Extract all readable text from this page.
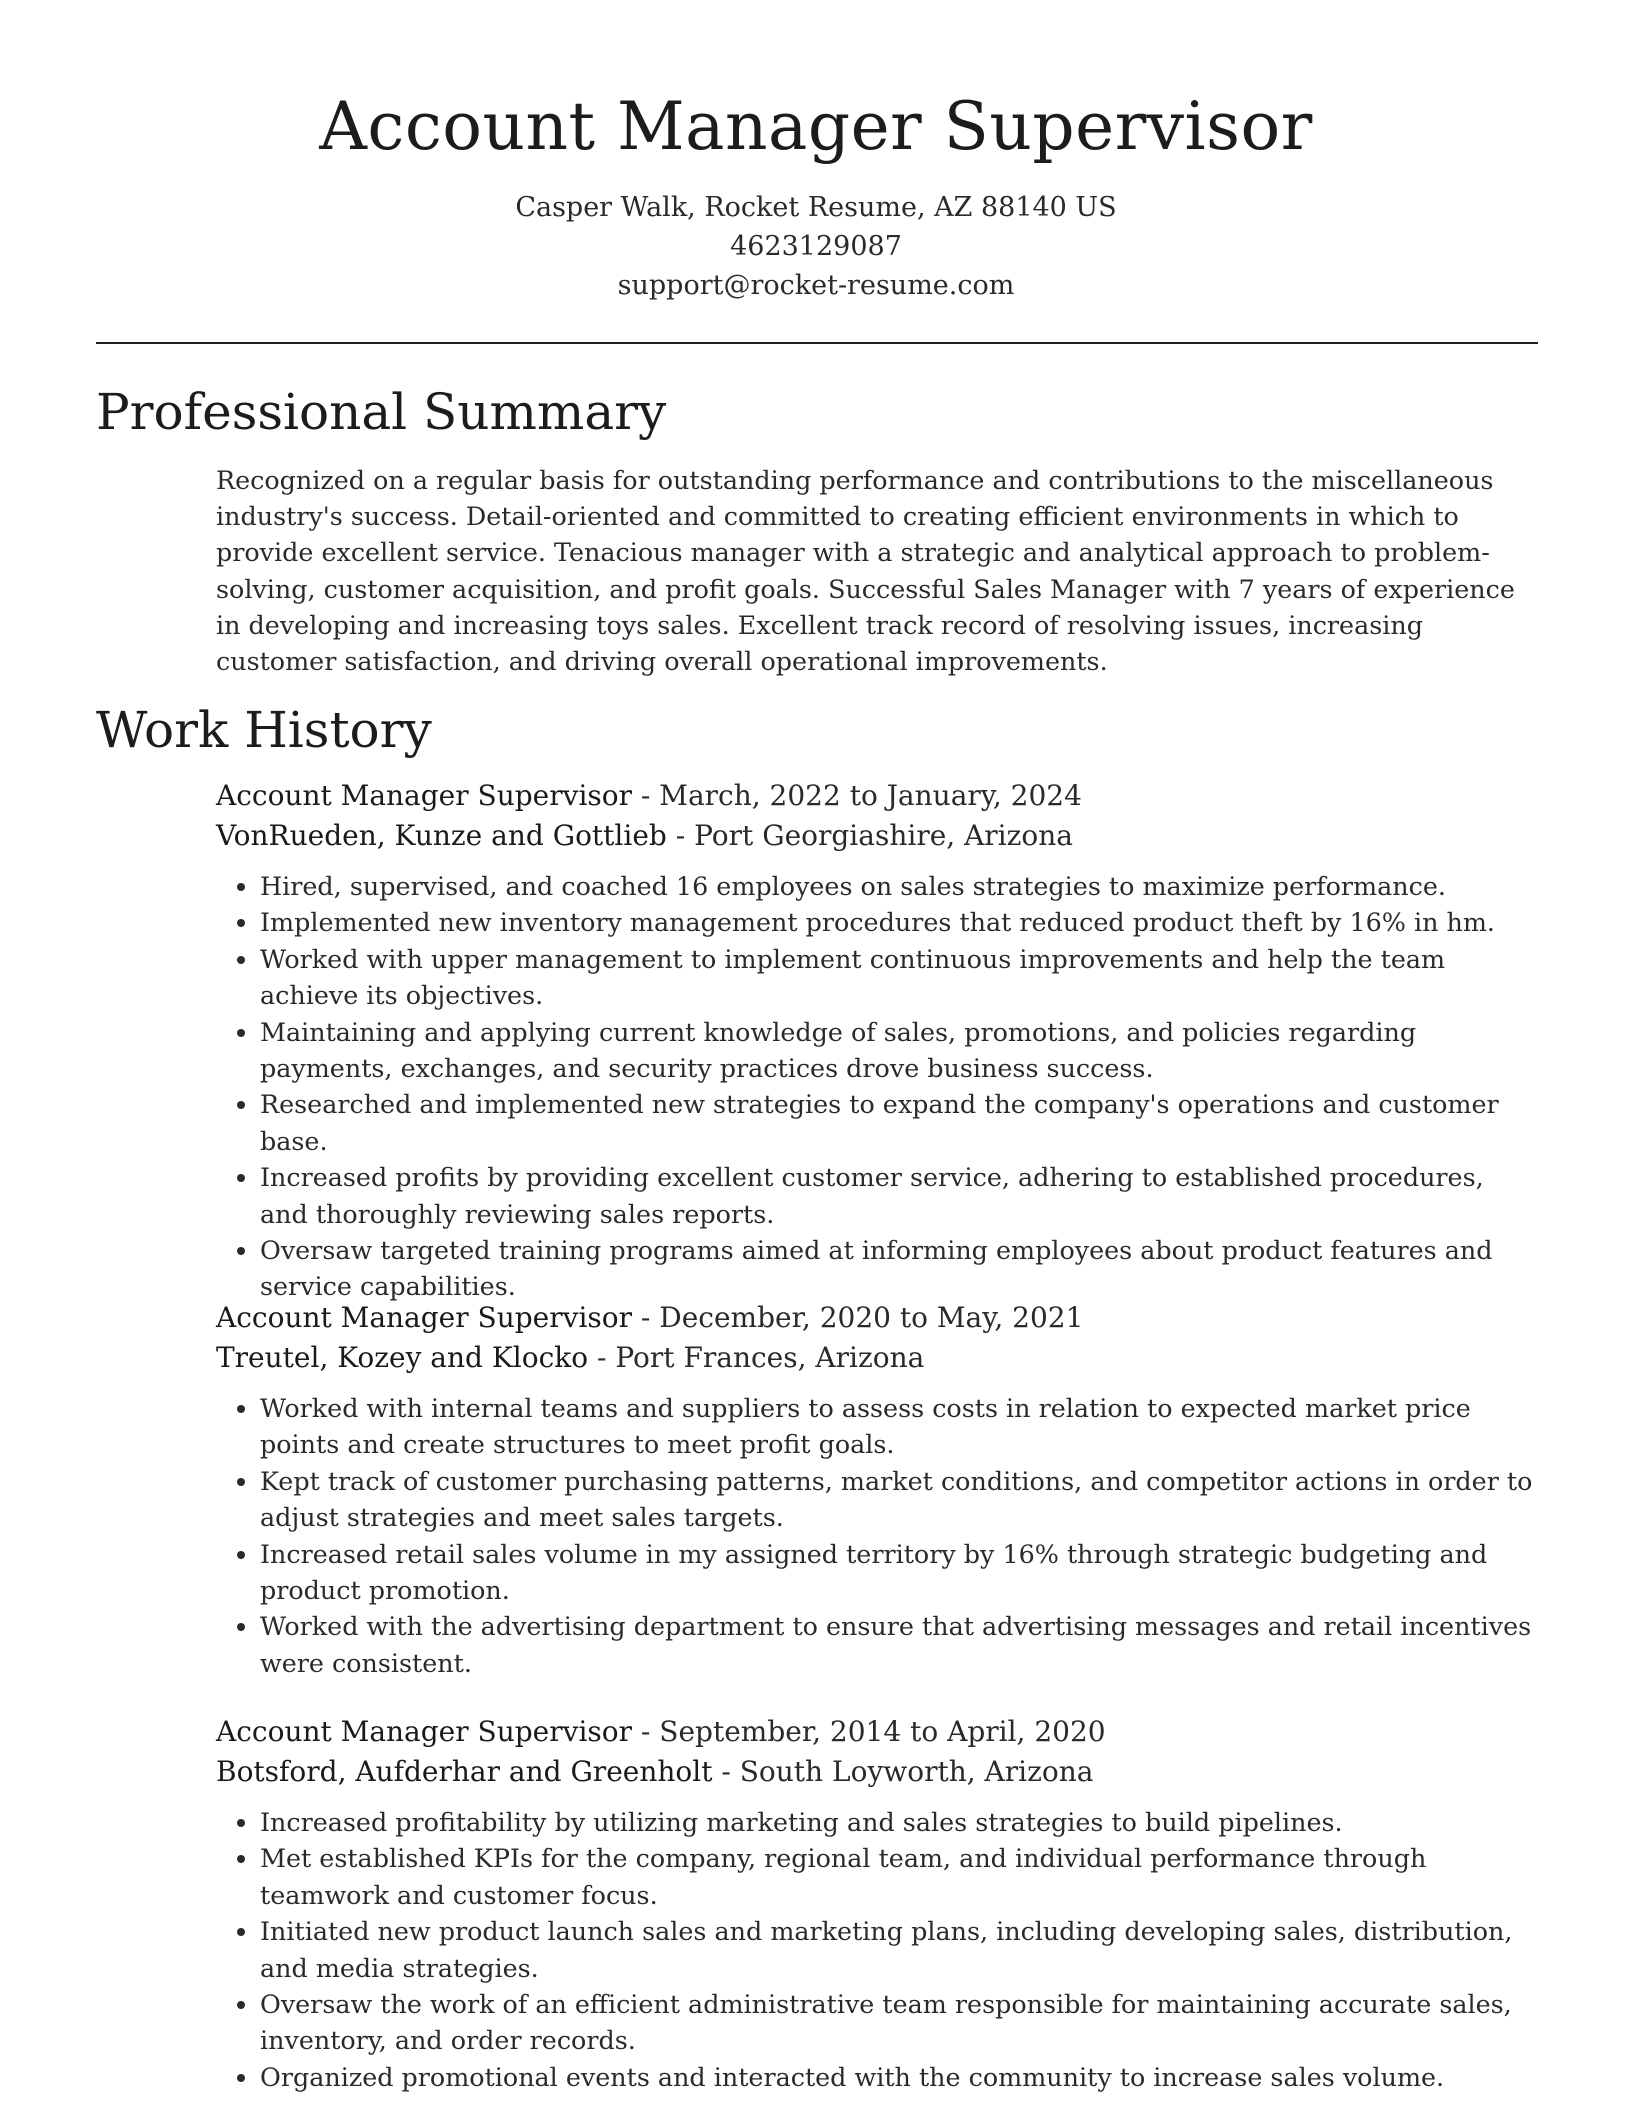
Account Manager Supervisor
Casper Walk, Rocket Resume, AZ 88140 US
4623129087
support@rocket-resume.com
Professional Summary

Recognized on a regular basis for outstanding performance and contributions to the miscellaneous industry's success. Detail-oriented and committed to creating efficient environments in which to provide excellent service. Tenacious manager with a strategic and analytical approach to problem-solving, customer acquisition, and profit goals. Successful Sales Manager with 7 years of experience in developing and increasing toys sales. Excellent track record of resolving issues, increasing customer satisfaction, and driving overall operational improvements.

Work History
Account Manager Supervisor - March, 2022 to January, 2024
VonRueden, Kunze and Gottlieb - Port Georgiashire, Arizona
• Hired, supervised, and coached 16 employees on sales strategies to maximize performance.
• Implemented new inventory management procedures that reduced product theft by 16% in hm.
• Worked with upper management to implement continuous improvements and help the team achieve its objectives.
• Maintaining and applying current knowledge of sales, promotions, and policies regarding payments, exchanges, and security practices drove business success.
• Researched and implemented new strategies to expand the company's operations and customer base.
• Increased profits by providing excellent customer service, adhering to established procedures, and thoroughly reviewing sales reports.
• Oversaw targeted training programs aimed at informing employees about product features and service capabilities.
Account Manager Supervisor - December, 2020 to May, 2021
Treutel, Kozey and Klocko - Port Frances, Arizona
• Worked with internal teams and suppliers to assess costs in relation to expected market price points and create structures to meet profit goals.
• Kept track of customer purchasing patterns, market conditions, and competitor actions in order to adjust strategies and meet sales targets.
• Increased retail sales volume in my assigned territory by 16% through strategic budgeting and product promotion.
• Worked with the advertising department to ensure that advertising messages and retail incentives were consistent.
Account Manager Supervisor - September, 2014 to April, 2020
Botsford, Aufderhar and Greenholt - South Loyworth, Arizona
• Increased profitability by utilizing marketing and sales strategies to build pipelines.
• Met established KPIs for the company, regional team, and individual performance through teamwork and customer focus.
• Initiated new product launch sales and marketing plans, including developing sales, distribution, and media strategies.
• Oversaw the work of an efficient administrative team responsible for maintaining accurate sales, inventory, and order records.
• Organized promotional events and interacted with the community to increase sales volume.
